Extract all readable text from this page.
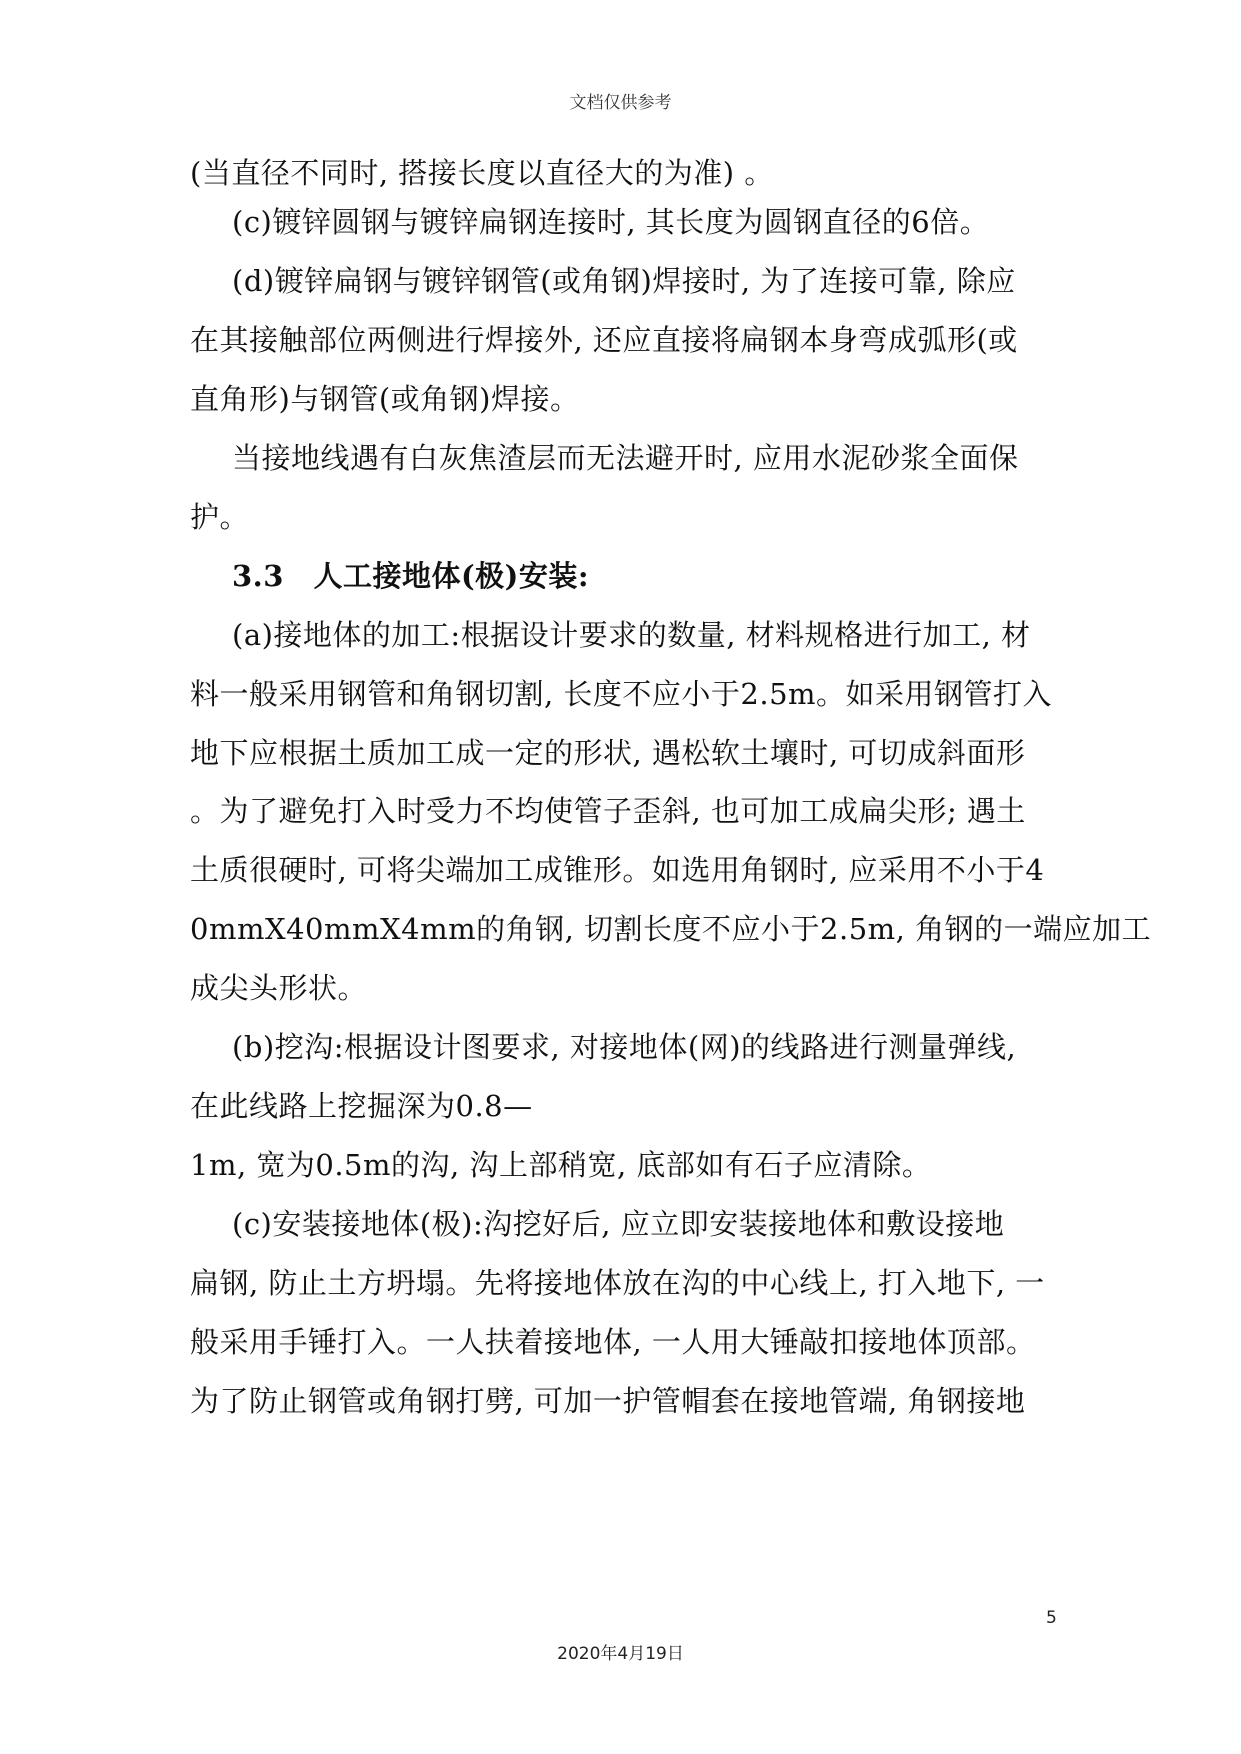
文档仅供参考
(当直径不同时, 搭接长度以直径大的为准) 。
(c)镀锌圆钢与镀锌扁钢连接时, 其长度为圆钢直径的6倍。
(d)镀锌扁钢与镀锌钢管(或角钢)焊接时, 为了连接可靠, 除应
在其接触部位两侧进行焊接外, 还应直接将扁钢本身弯成弧形(或
直角形)与钢管(或角钢)焊接。
当接地线遇有白灰焦渣层而无法避开时, 应用水泥砂浆全面保
护。
3.3　人工接地体(极)安装:
(a)接地体的加工:根据设计要求的数量, 材料规格进行加工, 材
料一般采用钢管和角钢切割, 长度不应小于2.5m。如采用钢管打入
地下应根据土质加工成一定的形状, 遇松软土壤时, 可切成斜面形
。为了避免打入时受力不均使管子歪斜, 也可加工成扁尖形; 遇土
土质很硬时, 可将尖端加工成锥形。如选用角钢时, 应采用不小于4
0mmX40mmX4mm的角钢, 切割长度不应小于2.5m, 角钢的一端应加工
成尖头形状。
(b)挖沟:根据设计图要求, 对接地体(网)的线路进行测量弹线,
在此线路上挖掘深为0.8—
1m, 宽为0.5m的沟, 沟上部稍宽, 底部如有石子应清除。
(c)安装接地体(极):沟挖好后, 应立即安装接地体和敷设接地
扁钢, 防止土方坍塌。先将接地体放在沟的中心线上, 打入地下, 一
般采用手锤打入。一人扶着接地体, 一人用大锤敲扣接地体顶部。
为了防止钢管或角钢打劈, 可加一护管帽套在接地管端, 角钢接地
5
2020年4月19日
